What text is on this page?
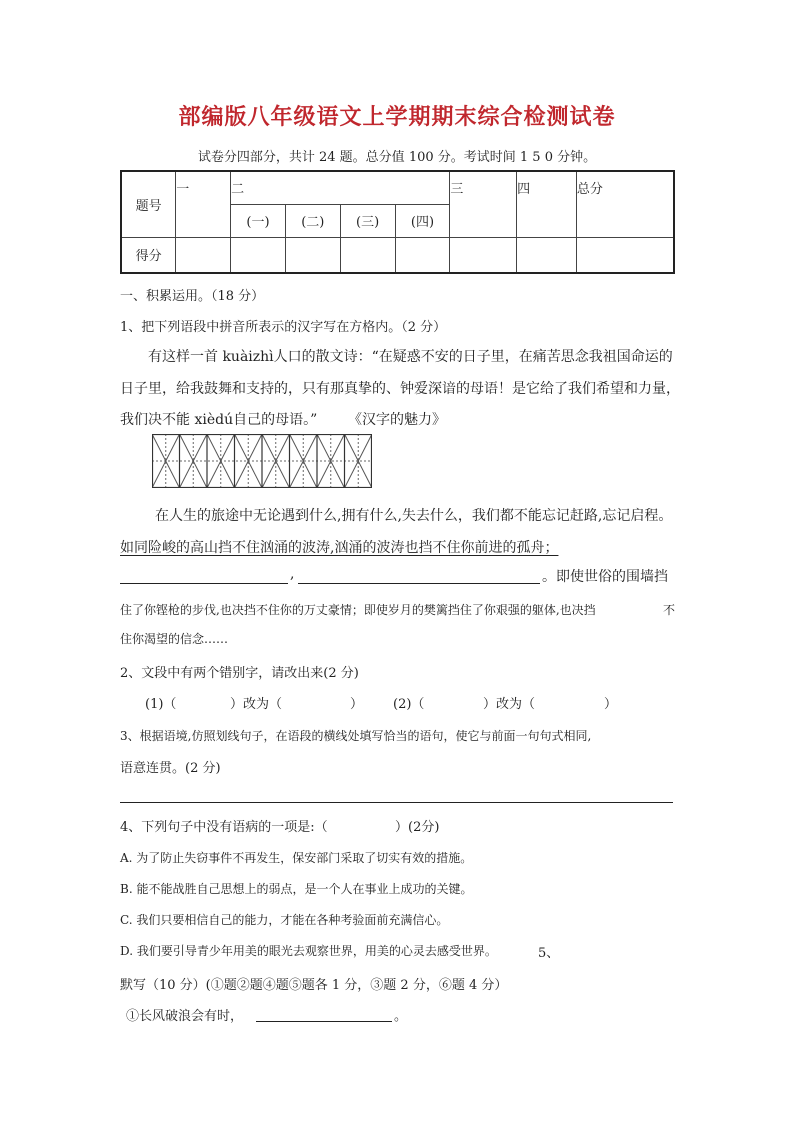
部编版八年级语文上学期期末综合检测试卷
试卷分四部分，共计 24 题。总分值 100 分。考试时间 1 5 0 分钟。
题号	一	二				三	四	总分
		(一)	(二)	(三)	(四)			
得分								
一、积累运用。（18 分）
1、把下列语段中拼音所表示的汉字写在方格内。（2 分）
有这样一首 kuàizhì人口的散文诗：“在疑惑不安的日子里，在痛苦思念我祖国命运的
日子里，给我鼓舞和支持的，只有那真挚的、钟爱深谙的母语！是它给了我们希望和力量，
我们决不能 xièdú自己的母语。” 《汉字的魅力》
在人生的旅途中无论遇到什么,拥有什么,失去什么，我们都不能忘记赶路,忘记启程。
如同险峻的高山挡不住汹涌的波涛,汹涌的波涛也挡不住你前进的孤舟；
,	。即使世俗的围墙挡
住了你铿枪的步伐,也决挡不住你的万丈豪情；即使岁月的樊篱挡住了你艰强的躯体,也决挡	不
住你渴望的信念……
2、文段中有两个错别字，请改出来(2 分)
(1)（	）改为（	） (2)（	）改为（	）
3、根据语境,仿照划线句子，在语段的横线处填写恰当的语句，使它与前面一句句式相同,
语意连贯。(2 分)
4、下列句子中没有语病的一项是:（	）(2分)
A. 为了防止失窃事件不再发生，保安部门采取了切实有效的措施。
B. 能不能战胜自己思想上的弱点，是一个人在事业上成功的关键。
C. 我们只要相信自己的能力，才能在各种考验面前充满信心。
D. 我们要引导青少年用美的眼光去观察世界，用美的心灵去感受世界。	5、
默写（10 分）(①题②题④题⑤题各 1 分，③题 2 分，⑥题 4 分）
①长风破浪会有时，	。
